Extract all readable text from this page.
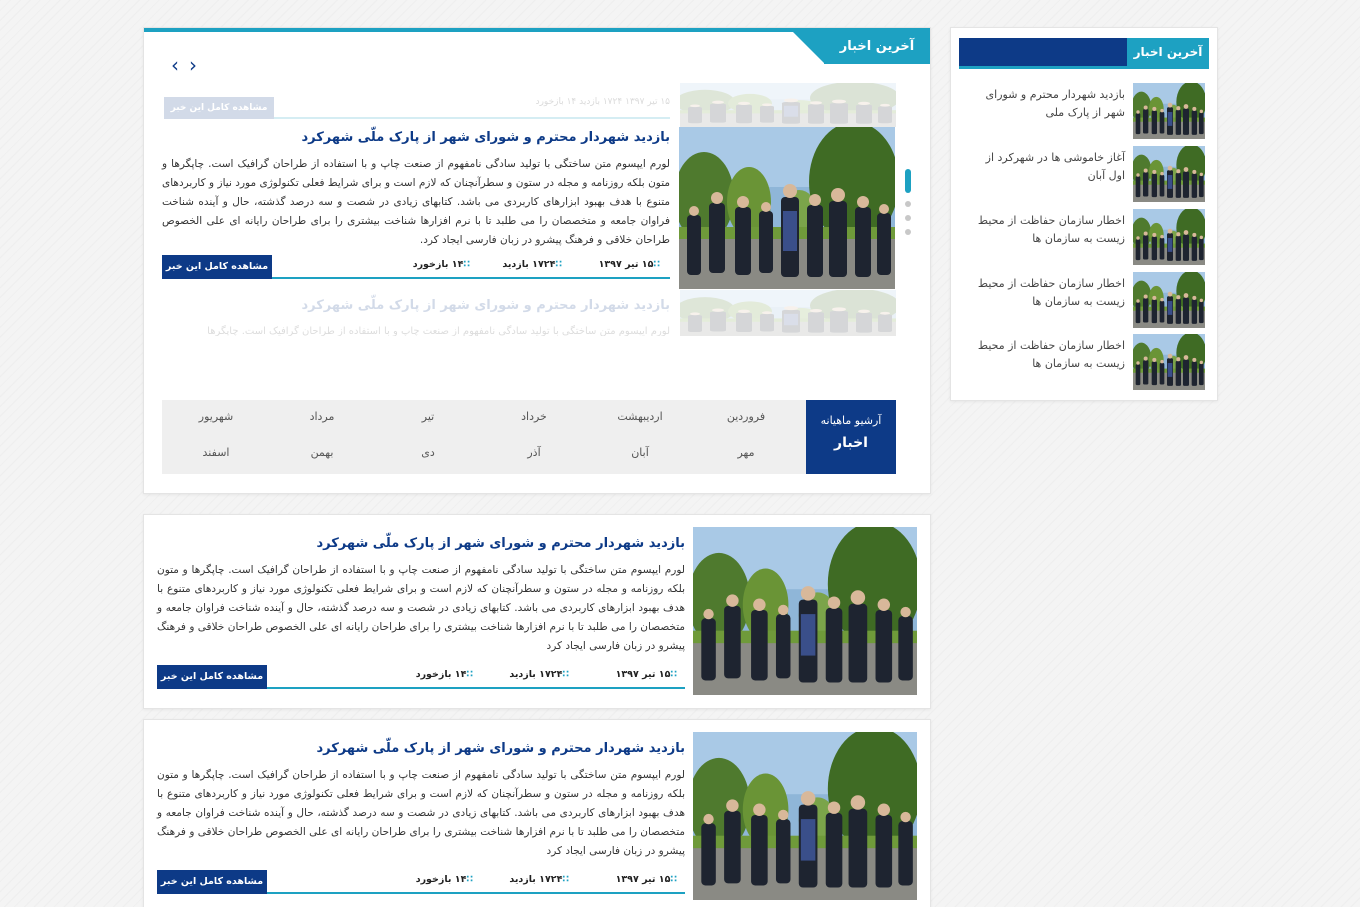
آخرین اخبار
بازدید شهردار محترم و شورای شهر از پارک ملی
آغاز خاموشی ها در شهرکرد از اول آبان
اخطار سازمان حفاظت از محیط زیست به سازمان ها
اخطار سازمان حفاظت از محیط زیست به سازمان ها
اخطار سازمان حفاظت از محیط زیست به سازمان ها
آخرین اخبار
‹ ›
۱۵ تیر ۱۳۹۷ ۱۷۲۴ بازدید ۱۴ بازخورد
مشاهده کامل این خبر
بازدید شهردار محترم و شورای شهر از پارک ملّی شهرکرد
لورم ایپسوم متن ساختگی با تولید سادگی نامفهوم از صنعت چاپ و با استفاده از طراحان گرافیک است. چاپگرها و متون بلکه روزنامه و مجله در ستون و سطرآنچنان که لازم است و برای شرایط فعلی تکنولوژی مورد نیاز و کاربردهای متنوع با هدف بهبود ابزارهای کاربردی می باشد. کتابهای زیادی در شصت و سه درصد گذشته، حال و آینده شناخت فراوان جامعه و متخصصان را می طلبد تا با نرم افزارها شناخت بیشتری را برای طراحان رایانه ای علی الخصوص طراحان خلاقی و فرهنگ پیشرو در زبان فارسی ایجاد کرد.
∷ ۱۵ تیر ۱۳۹۷
∷ ۱۷۲۴ بازدید
∷ ۱۴ بازخورد
مشاهده کامل این خبر
بازدید شهردار محترم و شورای شهر از پارک ملّی شهرکرد
لورم ایپسوم متن ساختگی با تولید سادگی نامفهوم از صنعت چاپ و با استفاده از طراحان گرافیک است. چاپگرها
آرشیو ماهیانه
اخبار
فروردین
اردیبهشت
خرداد
تیر
مرداد
شهریور
مهر
آبان
آذر
دی
بهمن
اسفند
بازدید شهردار محترم و شورای شهر از پارک ملّی شهرکرد
لورم ایپسوم متن ساختگی با تولید سادگی نامفهوم از صنعت چاپ و با استفاده از طراحان گرافیک است. چاپگرها و متون بلکه روزنامه و مجله در ستون و سطرآنچنان که لازم است و برای شرایط فعلی تکنولوژی مورد نیاز و کاربردهای متنوع با هدف بهبود ابزارهای کاربردی می باشد. کتابهای زیادی در شصت و سه درصد گذشته، حال و آینده شناخت فراوان جامعه و متخصصان را می طلبد تا با نرم افزارها شناخت بیشتری را برای طراحان رایانه ای علی الخصوص طراحان خلاقی و فرهنگ پیشرو در زبان فارسی ایجاد کرد
∷ ۱۵ تیر ۱۳۹۷
∷ ۱۷۲۴ بازدید
∷ ۱۴ بازخورد
مشاهده کامل این خبر
بازدید شهردار محترم و شورای شهر از پارک ملّی شهرکرد
لورم ایپسوم متن ساختگی با تولید سادگی نامفهوم از صنعت چاپ و با استفاده از طراحان گرافیک است. چاپگرها و متون بلکه روزنامه و مجله در ستون و سطرآنچنان که لازم است و برای شرایط فعلی تکنولوژی مورد نیاز و کاربردهای متنوع با هدف بهبود ابزارهای کاربردی می باشد. کتابهای زیادی در شصت و سه درصد گذشته، حال و آینده شناخت فراوان جامعه و متخصصان را می طلبد تا با نرم افزارها شناخت بیشتری را برای طراحان رایانه ای علی الخصوص طراحان خلاقی و فرهنگ پیشرو در زبان فارسی ایجاد کرد
∷ ۱۵ تیر ۱۳۹۷
∷ ۱۷۲۴ بازدید
∷ ۱۴ بازخورد
مشاهده کامل این خبر
